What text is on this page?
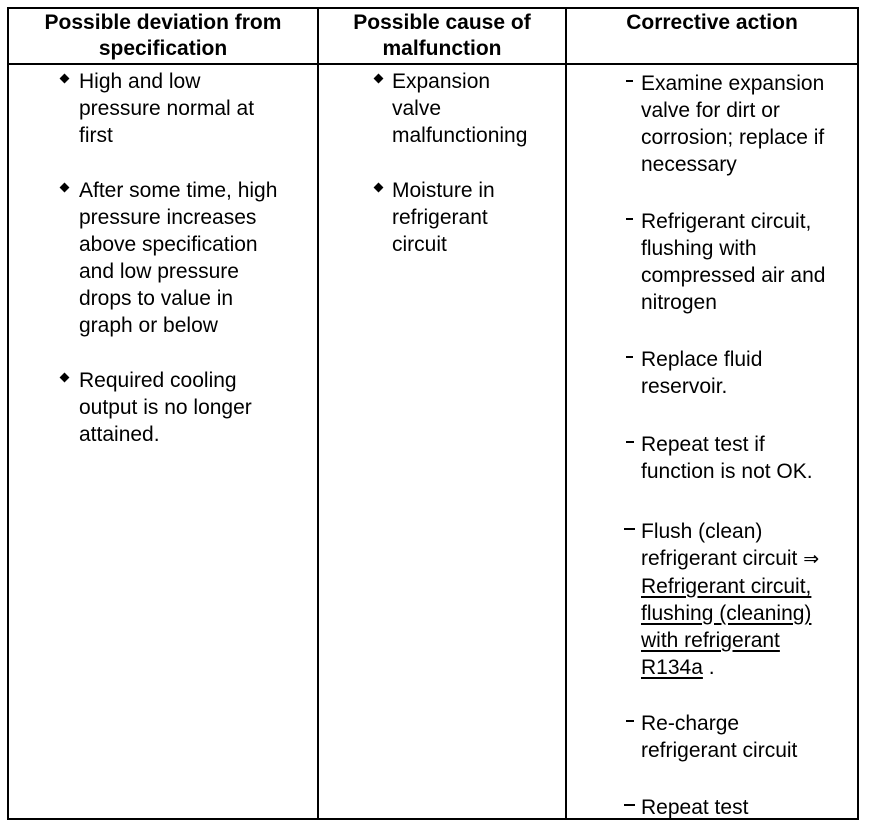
Possible deviation from
specification
Possible cause of
malfunction
Corrective action
High and low
pressure normal at
first
After some time, high
pressure increases
above specification
and low pressure
drops to value in
graph or below
Required cooling
output is no longer
attained.
Expansion
valve
malfunctioning
Moisture in
refrigerant
circuit
Examine expansion
valve for dirt or
corrosion; replace if
necessary
Refrigerant circuit,
flushing with
compressed air and
nitrogen
Replace fluid
reservoir.
Repeat test if
function is not OK.
Flush (clean)
refrigerant circuit ⇒
Refrigerant circuit,
flushing (cleaning)
with refrigerant
R134a .
Re-charge
refrigerant circuit
Repeat test
